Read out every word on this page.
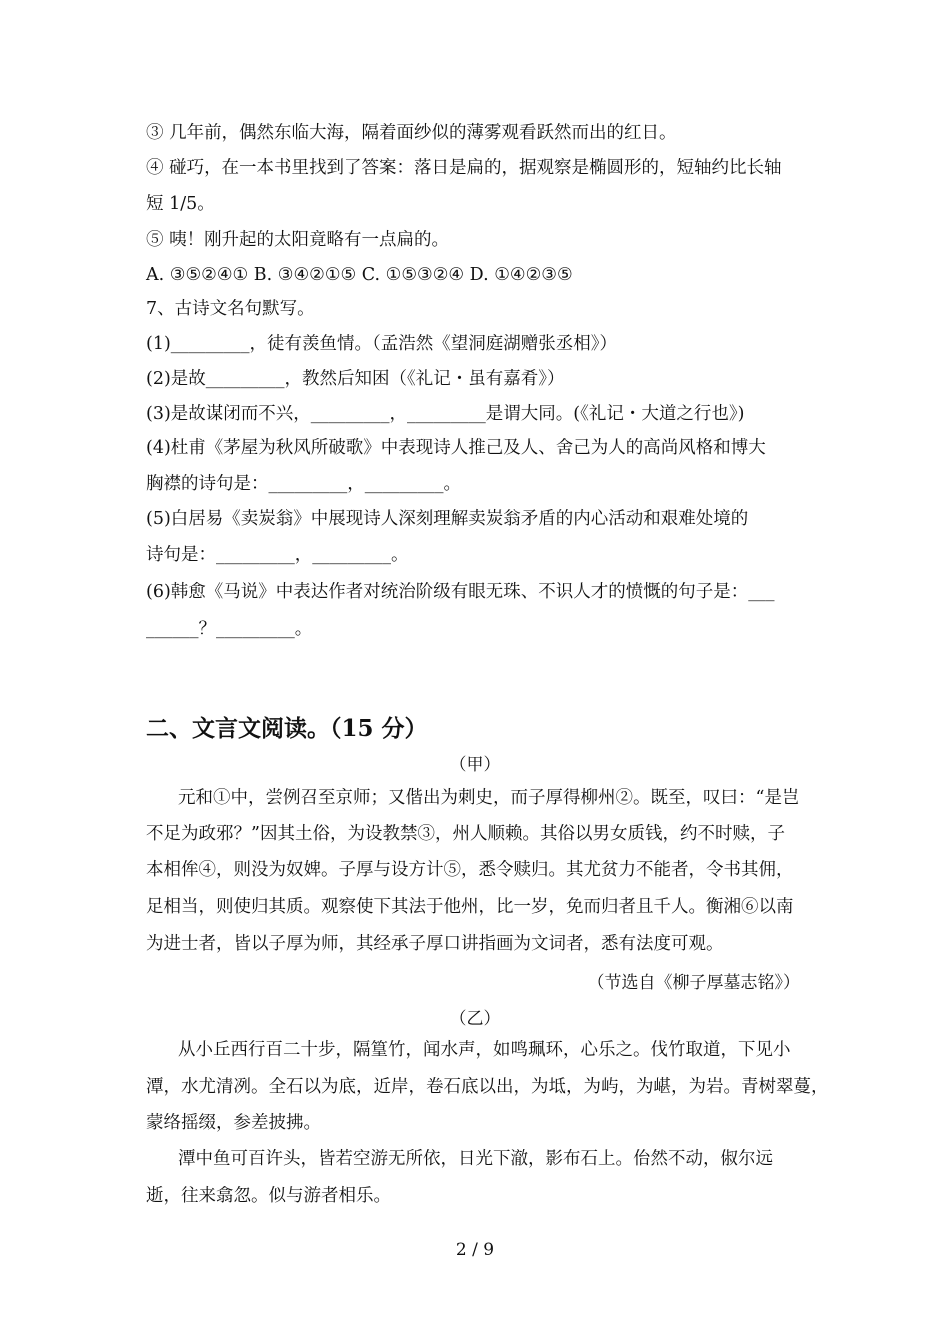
③ 几年前，偶然东临大海，隔着面纱似的薄雾观看跃然而出的红日。
④ 碰巧，在一本书里找到了答案：落日是扁的，据观察是椭圆形的，短轴约比长轴
短 1/5。
⑤ 咦！刚升起的太阳竟略有一点扁的。
A. ③⑤②④① B. ③④②①⑤ C. ①⑤③②④ D. ①④②③⑤
7、古诗文名句默写。
(1)_________，徒有羡鱼情。（孟浩然《望洞庭湖赠张丞相》）
(2)是故_________，教然后知困（《礼记・虽有嘉肴》）
(3)是故谋闭而不兴，_________，_________是谓大同。(《礼记・大道之行也》)
(4)杜甫《茅屋为秋风所破歌》中表现诗人推己及人、舍己为人的高尚风格和博大
胸襟的诗句是：_________，_________。
(5)白居易《卖炭翁》中展现诗人深刻理解卖炭翁矛盾的内心活动和艰难处境的
诗句是：_________，_________。
(6)韩愈《马说》中表达作者对统治阶级有眼无珠、不识人才的愤慨的句子是：___
______？_________。
二、文言文阅读。（15 分）
（甲）
元和①中，尝例召至京师；又偕出为刺史，而子厚得柳州②。既至，叹曰：“是岂
不足为政邪？”因其土俗，为设教禁③，州人顺赖。其俗以男女质钱，约不时赎，子
本相侔④，则没为奴婢。子厚与设方计⑤，悉令赎归。其尤贫力不能者，令书其佣，
足相当，则使归其质。观察使下其法于他州，比一岁，免而归者且千人。衡湘⑥以南
为进士者，皆以子厚为师，其经承子厚口讲指画为文词者，悉有法度可观。
（节选自《柳子厚墓志铭》）
（乙）
从小丘西行百二十步，隔篁竹，闻水声，如鸣珮环，心乐之。伐竹取道，下见小
潭，水尤清冽。全石以为底，近岸，卷石底以出，为坻，为屿，为嵁，为岩。青树翠蔓，
蒙络摇缀，参差披拂。
潭中鱼可百许头，皆若空游无所依，日光下澈，影布石上。佁然不动，俶尔远
逝，往来翕忽。似与游者相乐。
2 / 9
